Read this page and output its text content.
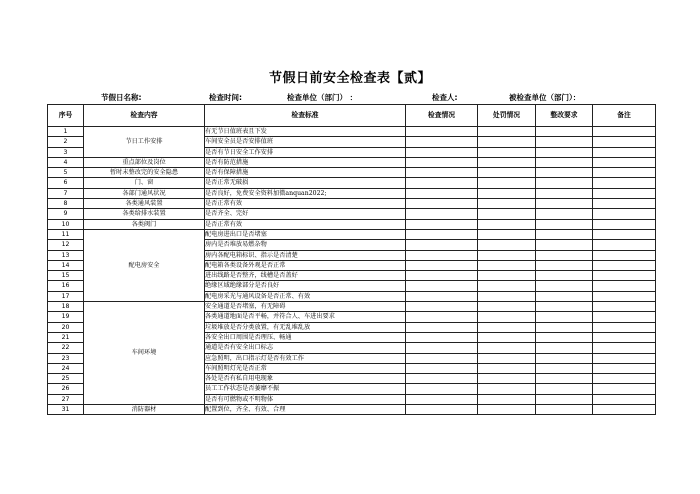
节假日前安全检查表【贰】
节假日名称:	检查时间:	检查单位（部门） ：	检查人:	被检查单位（部门）：
序号	检查内容	检查标准	检查情况	处罚情况	整改要求	备注
1	节日工作安排	有无节日值班表且下发				
2		车间安全员是否安排值班				
3		是否有节日安全工作安排				
4	重点部位及岗位	是否有防范措施				
5	暂时未整改完的安全隐患	是否有保障措施				
6	门、窗	是否正常无破损				
7	各部门通风状况	是否良好，免费安全资料加微anquan2022;				
8	各类通风装置	是否正常有效				
9	各类给排水装置	是否齐全、完好				
10	各类阀门	是否正常有效				
11	配电房安全	配电房进出口是否堵塞				
12		房内是否堆放易燃杂物				
13		房内各配电箱标识、指示是否清楚				
14		配电箱各类设备外观是否正常				
15		进出线路是否整齐，线槽是否盖好				
16		绝缘区域绝缘部分是否良好				
17		配电房采光与通风设备是否正常、有效				
18	车间环境	安全通道是否堵塞，有无障碍				
19		各类通道地面是否平畅，并符合人、车进出要求				
20		垃圾堆放是否分类放置，有无乱堆乱放				
21		各安全出口周围是否理压、畅通				
22		通道是否有安全出口标志				
23		应急照明，出口指示灯是否有效工作				
24		车间照明灯光是否正常				
25		各处是否有私自用电现象				
26		员工工作状态是否萎靡不振				
27		是否有可燃物或不明物体				
31	消防器材	配置到位，齐全、有效、合理				
